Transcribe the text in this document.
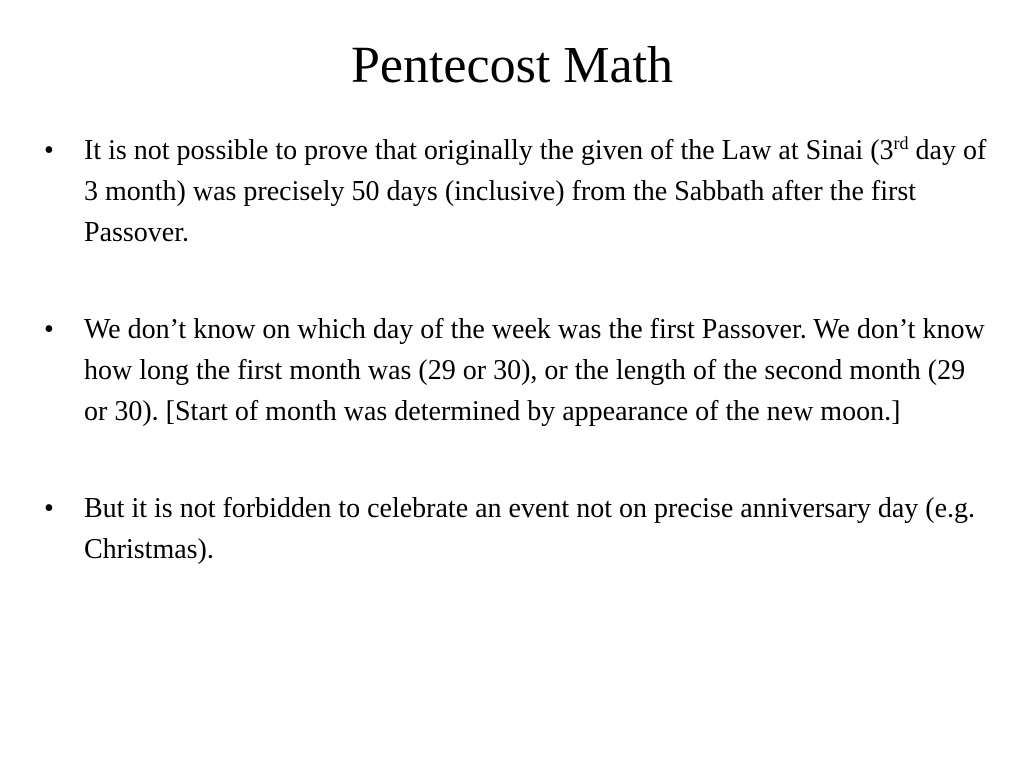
Pentecost Math
•	It is not possible to prove that originally the given of the Law at Sinai (3rd day of 3 month) was precisely 50 days (inclusive) from the Sabbath after the first Passover.
•	We don’t know on which day of the week was the first Passover. We don’t know how long the first month was (29 or 30), or the length of the second month (29 or 30). [Start of month was determined by appearance of the new moon.]
•	But it is not forbidden to celebrate an event not on precise anniversary day (e.g. Christmas).
